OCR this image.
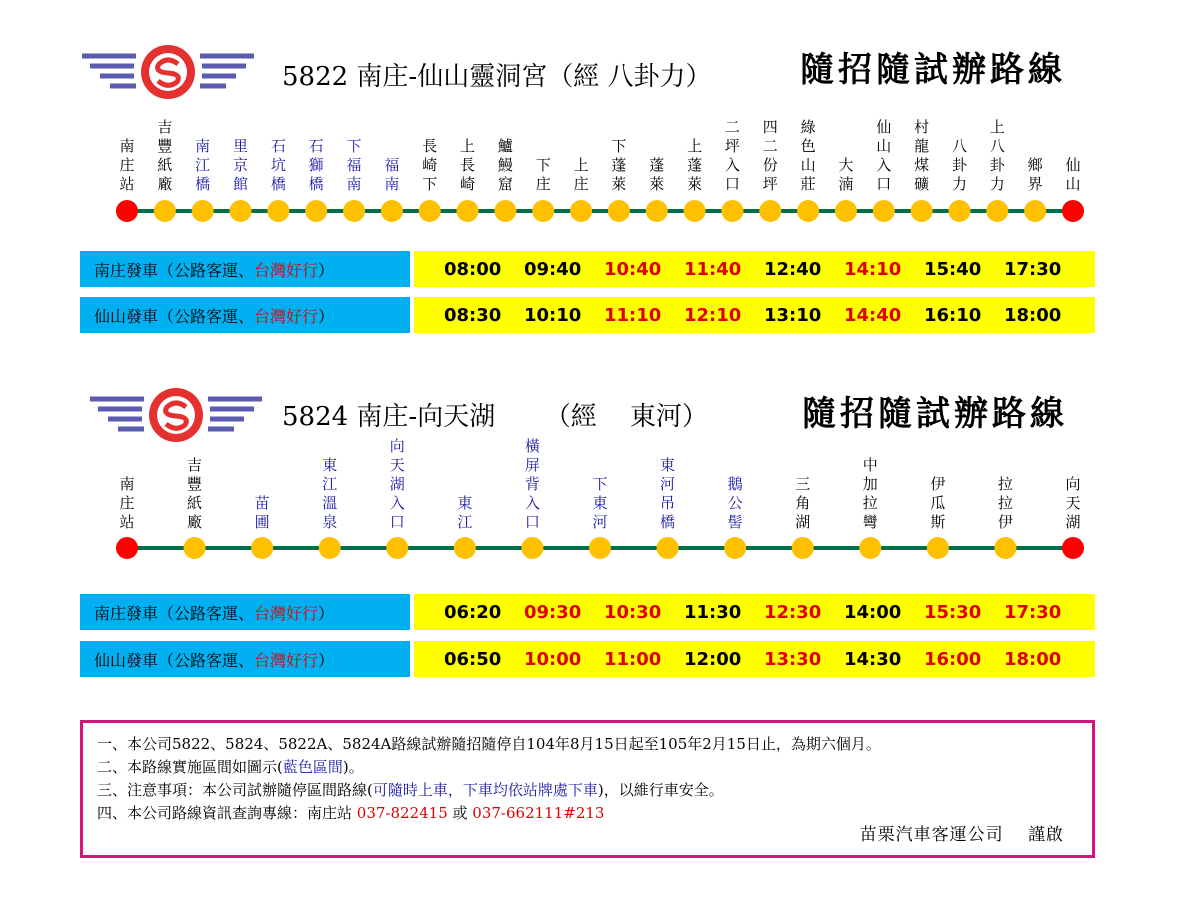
5822 南庄-仙山靈洞宮（經 八卦力）	隨招隨試辦路線
南庄站
吉豐紙廠
南江橋
里京館
石坑橋
石獅橋
下福南
福南
長崎下
上長崎
鱸鰻窟
下庄
上庄
下蓬萊
蓬萊
上蓬萊
二坪入口
四二份坪
綠色山莊
大湳
仙山入口
村龍煤礦
八卦力
上八卦力
鄉界
仙山
南庄發車（公路客運、 台灣好行 ）	08:00	09:40	10:40	11:40	12:40	14:10	15:40	17:30
仙山發車（公路客運、 台灣好行 ）	08:30	10:10	11:10	12:10	13:10	14:40	16:10	18:00
5824 南庄-向天湖      （經    東河）	隨招隨試辦路線
南庄站
吉豐紙廠
苗圃
東江溫泉
向天湖入口
東江
橫屏背入口
下東河
東河吊橋
鵝公髻
三角湖
中加拉彎
伊瓜斯
拉拉伊
向天湖
南庄發車（公路客運、 台灣好行 ）	06:20	09:30	10:30	11:30	12:30	14:00	15:30	17:30
仙山發車（公路客運、 台灣好行 ）	06:50	10:00	11:00	12:00	13:30	14:30	16:00	18:00
一、本公司5822、5824、5822A、5824A路線試辦隨招隨停自104年8月15日起至105年2月15日止，為期六個月。
二、本路線實施區間如圖示(藍色區間)。
三、注意事項：本公司試辦隨停區間路線(可隨時上車，下車均依站牌處下車)，以維行車安全。
四、本公司路線資訊查詢專線：南庄站 037-822415 或 037-662111#213
苗栗汽車客運公司　 謹啟
